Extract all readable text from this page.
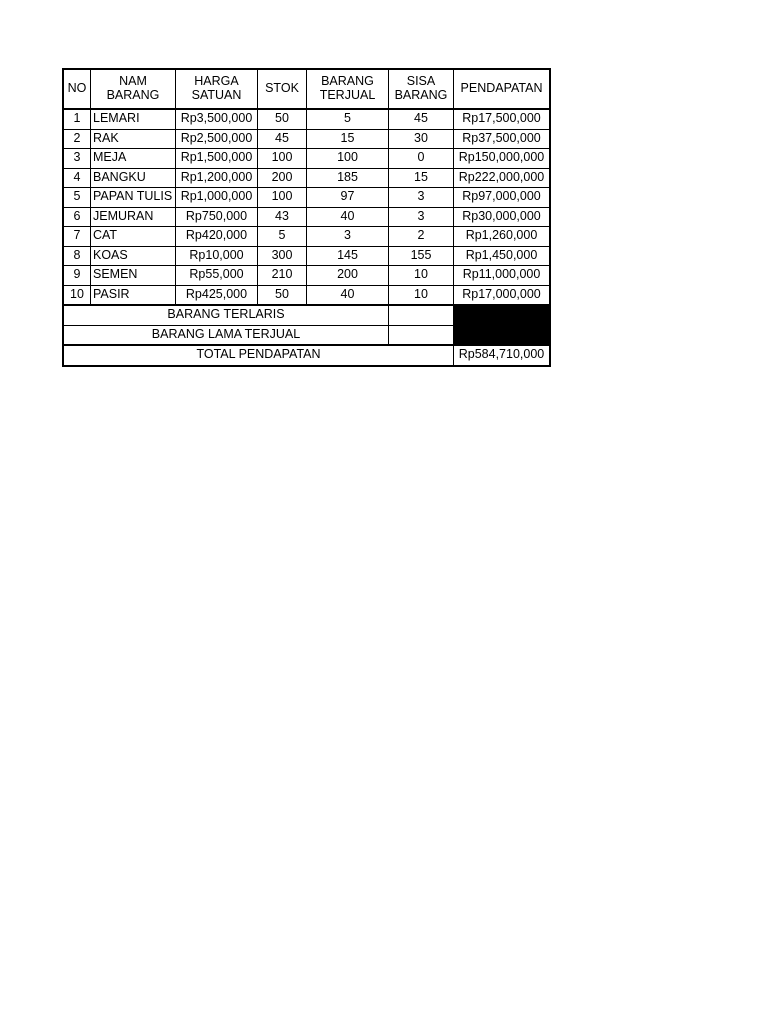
NO	NAM BARANG	HARGA SATUAN	STOK	BARANG TERJUAL	SISA BARANG	PENDAPATAN
1	LEMARI	Rp3,500,000	50	5	45	Rp17,500,000
2	RAK	Rp2,500,000	45	15	30	Rp37,500,000
3	MEJA	Rp1,500,000	100	100	0	Rp150,000,000
4	BANGKU	Rp1,200,000	200	185	15	Rp222,000,000
5	PAPAN TULIS	Rp1,000,000	100	97	3	Rp97,000,000
6	JEMURAN	Rp750,000	43	40	3	Rp30,000,000
7	CAT	Rp420,000	5	3	2	Rp1,260,000
8	KOAS	Rp10,000	300	145	155	Rp1,450,000
9	SEMEN	Rp55,000	210	200	10	Rp11,000,000
10	PASIR	Rp425,000	50	40	10	Rp17,000,000
BARANG TERLARIS						
BARANG LAMA TERJUAL						
TOTAL PENDAPATAN						Rp584,710,000
